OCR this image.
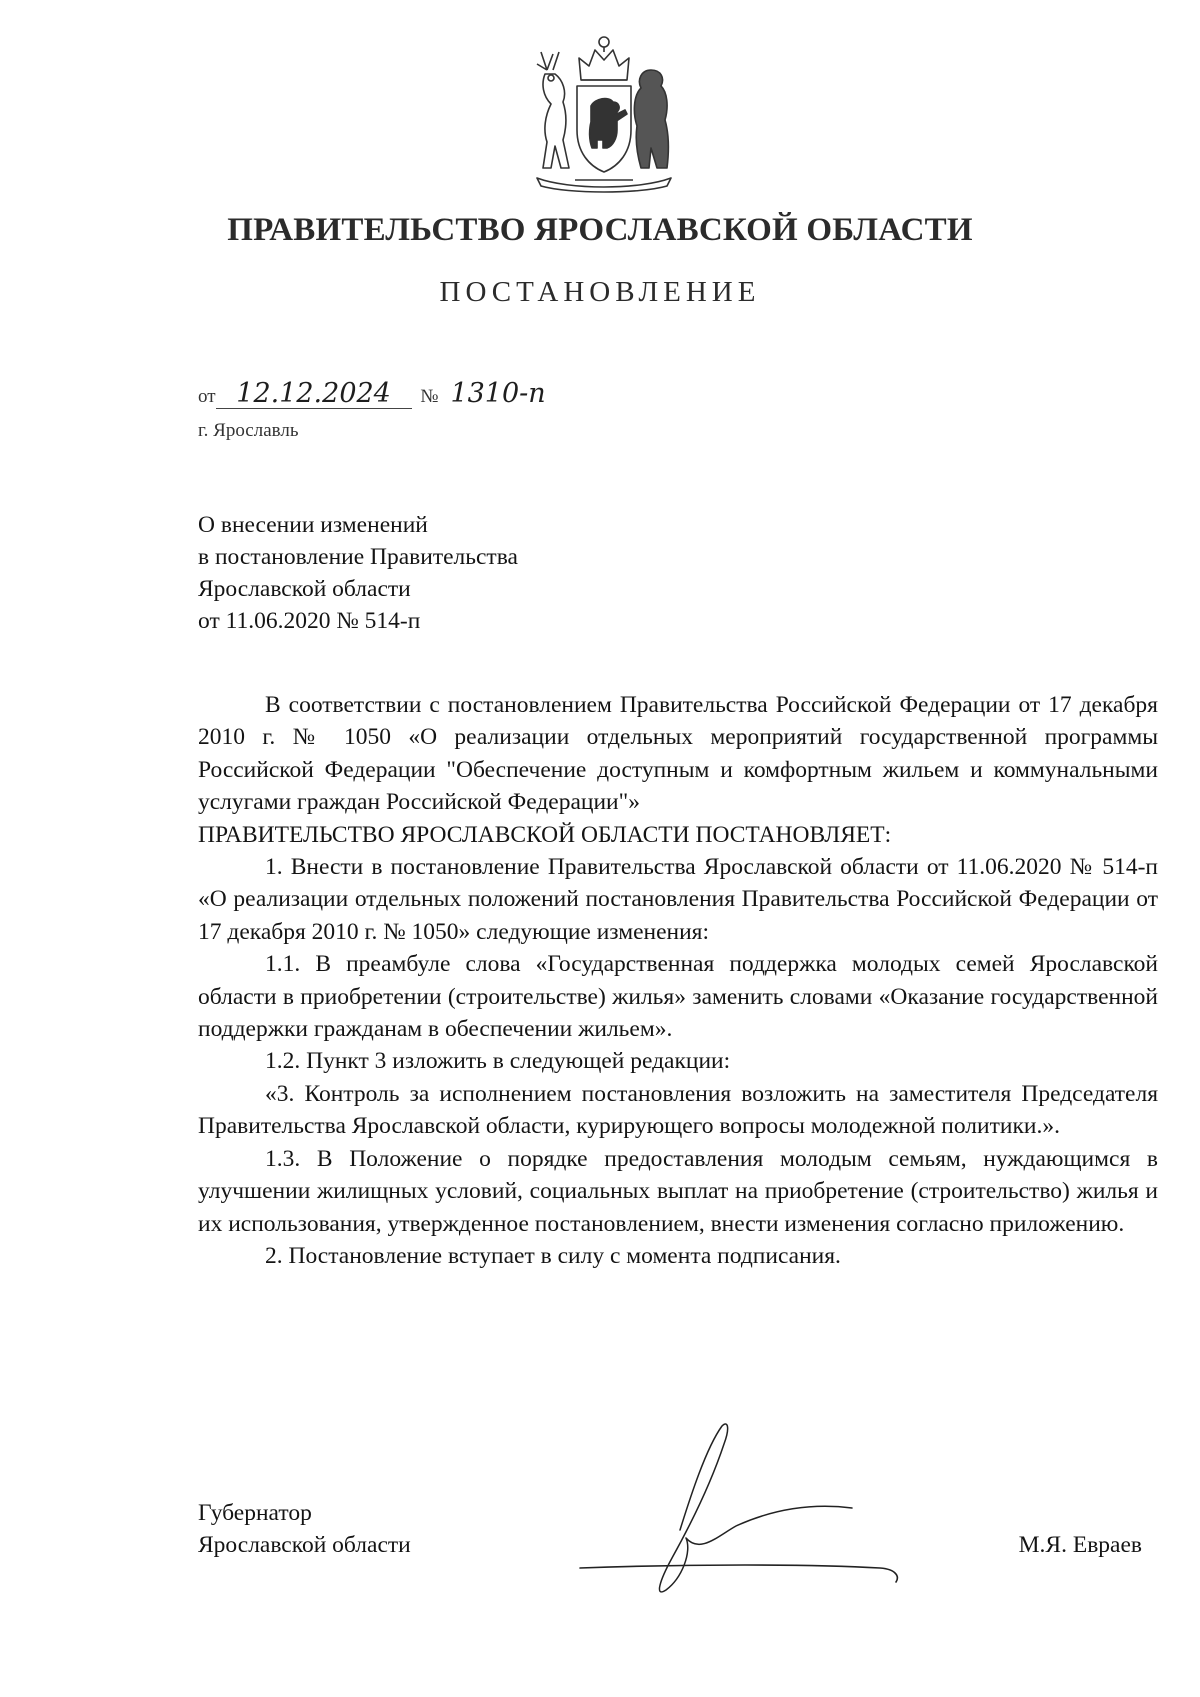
ПРАВИТЕЛЬСТВО ЯРОСЛАВСКОЙ ОБЛАСТИ
ПОСТАНОВЛЕНИЕ
от 12.12.2024 № 1310-п
г. Ярославль
О внесении изменений
в постановление Правительства
Ярославской области
от 11.06.2020 № 514-п

В соответствии с постановлением Правительства Российской Федерации от 17 декабря 2010 г. № 1050 «О реализации отдельных мероприятий государственной программы Российской Федерации "Обеспечение доступным и комфортным жильем и коммунальными услугами граждан Российской Федерации"»

ПРАВИТЕЛЬСТВО ЯРОСЛАВСКОЙ ОБЛАСТИ ПОСТАНОВЛЯЕТ:

1. Внести в постановление Правительства Ярославской области от 11.06.2020 № 514-п «О реализации отдельных положений постановления Правительства Российской Федерации от 17 декабря 2010 г. № 1050» следующие изменения:

1.1. В преамбуле слова «Государственная поддержка молодых семей Ярославской области в приобретении (строительстве) жилья» заменить словами «Оказание государственной поддержки гражданам в обеспечении жильем».

1.2. Пункт 3 изложить в следующей редакции:

«3. Контроль за исполнением постановления возложить на заместителя Председателя Правительства Ярославской области, курирующего вопросы молодежной политики.».

1.3. В Положение о порядке предоставления молодым семьям, нуждающимся в улучшении жилищных условий, социальных выплат на приобретение (строительство) жилья и их использования, утвержденное постановлением, внести изменения согласно приложению.

2. Постановление вступает в силу с момента подписания.

Губернатор
Ярославской области	М.Я. Евраев
